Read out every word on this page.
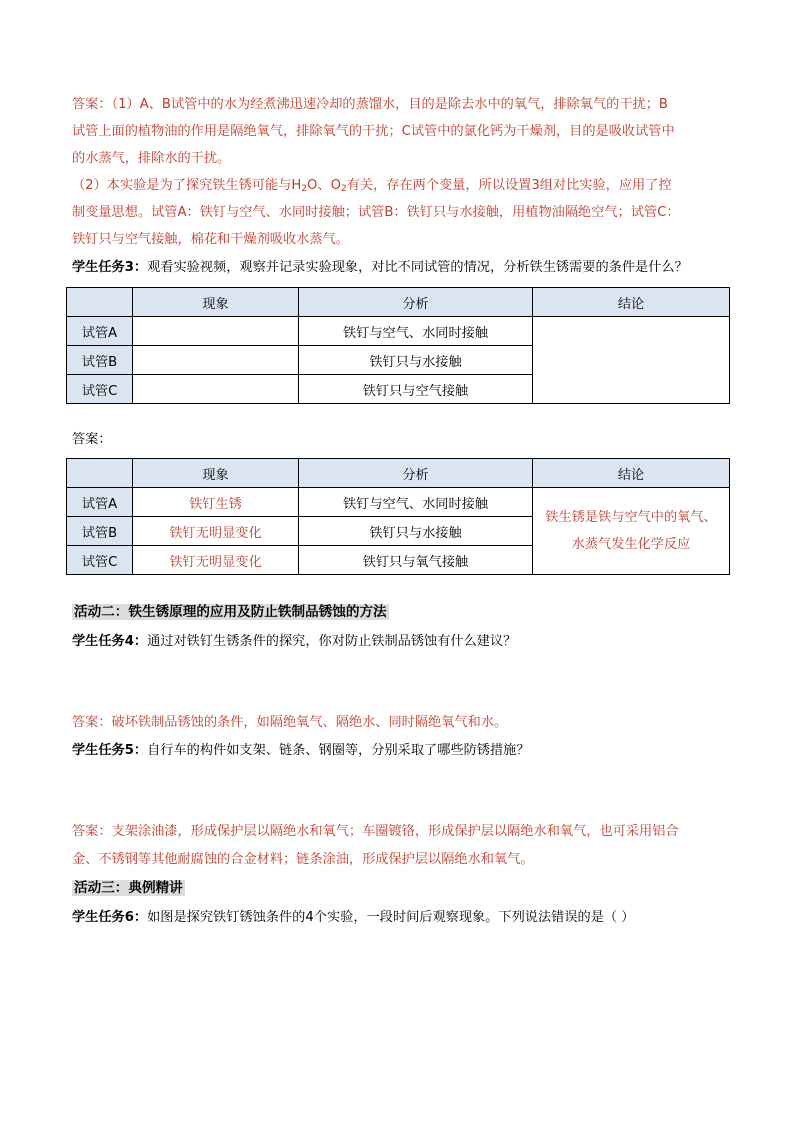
答案：（1）A、B试管中的水为经煮沸迅速冷却的蒸馏水，目的是除去水中的氧气，排除氧气的干扰；B
试管上面的植物油的作用是隔绝氧气，排除氧气的干扰；C试管中的氯化钙为干燥剂，目的是吸收试管中
的水蒸气，排除水的干扰。
（2）本实验是为了探究铁生锈可能与$H_2O$、$O_2$有关，存在两个变量，所以设置3组对比实验，应用了控
制变量思想。试管A：铁钉与空气、水同时接触；试管B：铁钉只与水接触，用植物油隔绝空气；试管C：
铁钉只与空气接触，棉花和干燥剂吸收水蒸气。
学生任务3：观看实验视频，观察并记录实验现象，对比不同试管的情况，分析铁生锈需要的条件是什么？
	现象	分析	结论
试管A		铁钉与空气、水同时接触	
试管B		铁钉只与水接触	
试管C		铁钉只与空气接触	
答案：
	现象	分析	结论
试管A	铁钉生锈	铁钉与空气、水同时接触	铁生锈是铁与空气中的氧气、
水蒸气发生化学反应

试管B	铁钉无明显变化	铁钉只与水接触	
试管C	铁钉无明显变化	铁钉只与氧气接触	
活动二：铁生锈原理的应用及防止铁制品锈蚀的方法
学生任务4：通过对铁钉生锈条件的探究，你对防止铁制品锈蚀有什么建议？
答案：破坏铁制品锈蚀的条件，如隔绝氧气、隔绝水、同时隔绝氧气和水。
学生任务5：自行车的构件如支架、链条、钢圈等，分别采取了哪些防锈措施？
答案：支架涂油漆，形成保护层以隔绝水和氧气；车圈镀铬，形成保护层以隔绝水和氧气，也可采用铝合
金、不锈钢等其他耐腐蚀的合金材料；链条涂油，形成保护层以隔绝水和氧气。
活动三：典例精讲
学生任务6：如图是探究铁钉锈蚀条件的4个实验，一段时间后观察现象。下列说法错误的是（ ）
